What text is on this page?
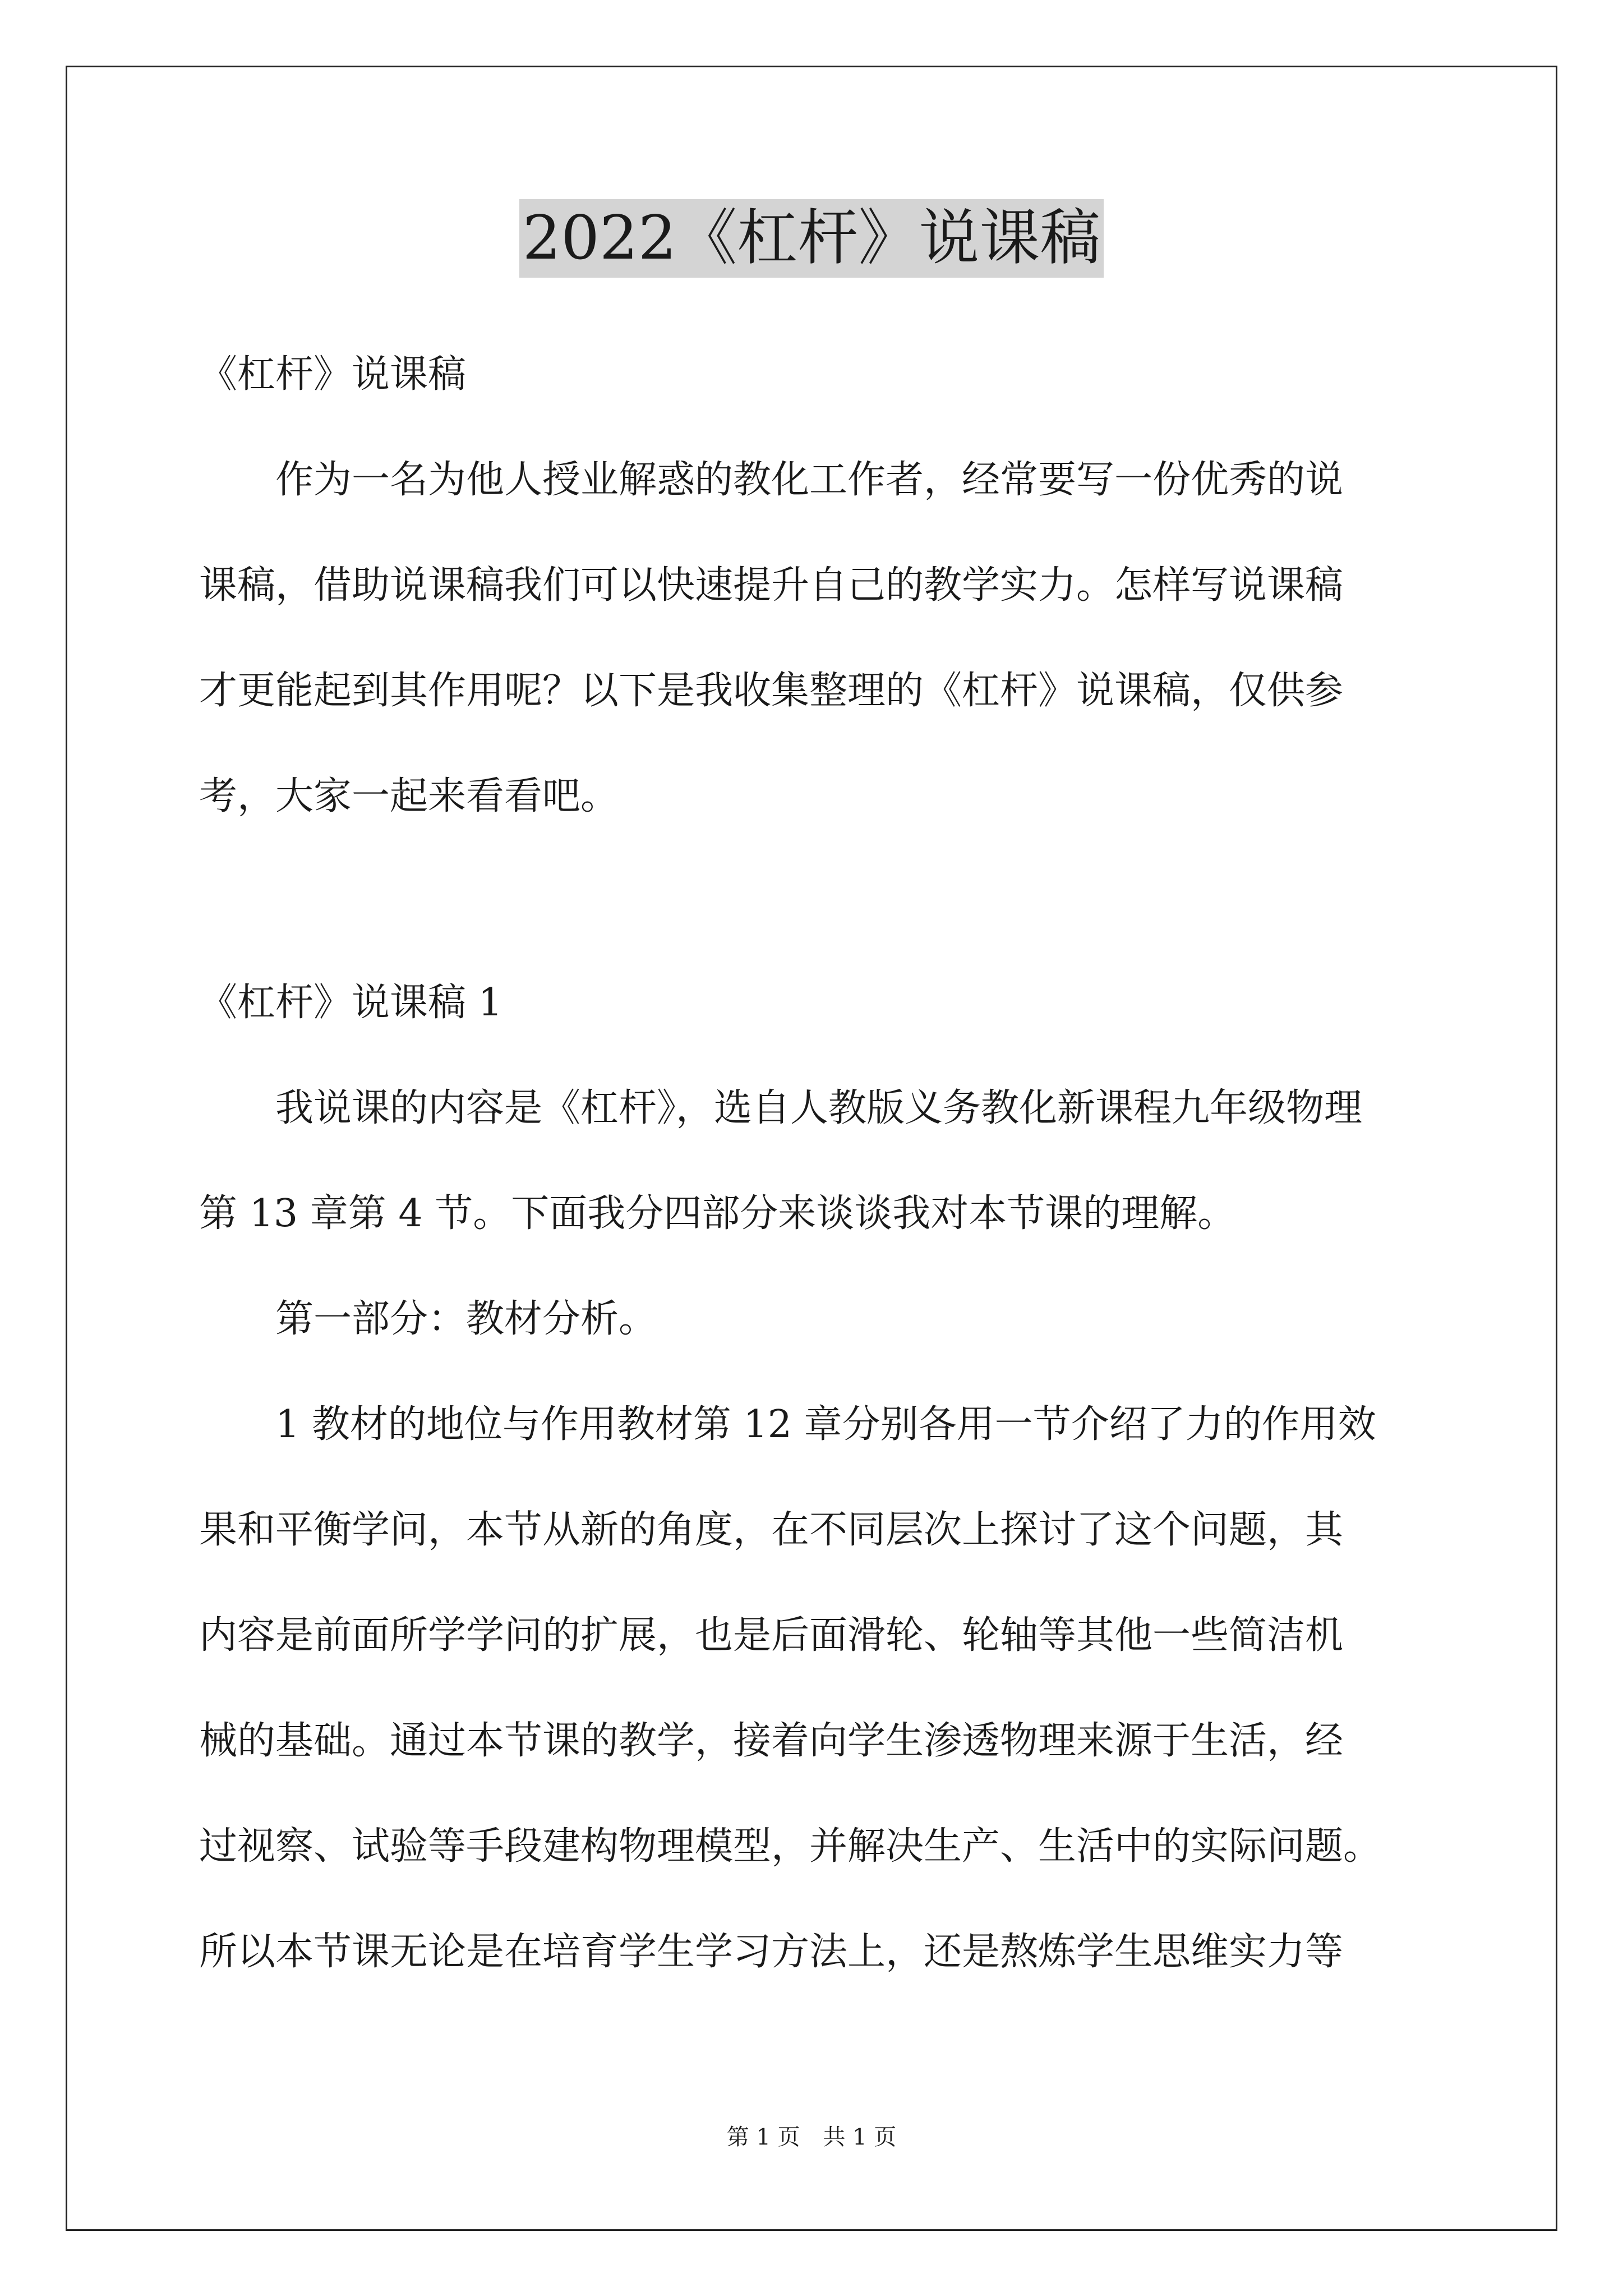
2022《杠杆》说课稿

《杠杆》说课稿

作为一名为他人授业解惑的教化工作者，经常要写一份优秀的说

课稿，借助说课稿我们可以快速提升自己的教学实力。怎样写说课稿

才更能起到其作用呢？以下是我收集整理的《杠杆》说课稿，仅供参

考，大家一起来看看吧。

《杠杆》说课稿 1

我说课的内容是《杠杆》，选自人教版义务教化新课程九年级物理

第 13 章第 4 节。下面我分四部分来谈谈我对本节课的理解。

第一部分：教材分析。

1 教材的地位与作用教材第 12 章分别各用一节介绍了力的作用效

果和平衡学问，本节从新的角度，在不同层次上探讨了这个问题，其

内容是前面所学学问的扩展，也是后面滑轮、轮轴等其他一些简洁机

械的基础。通过本节课的教学，接着向学生渗透物理来源于生活，经

过视察、试验等手段建构物理模型，并解决生产、生活中的实际问题。

所以本节课无论是在培育学生学习方法上，还是熬炼学生思维实力等

第 1 页 共 1 页
